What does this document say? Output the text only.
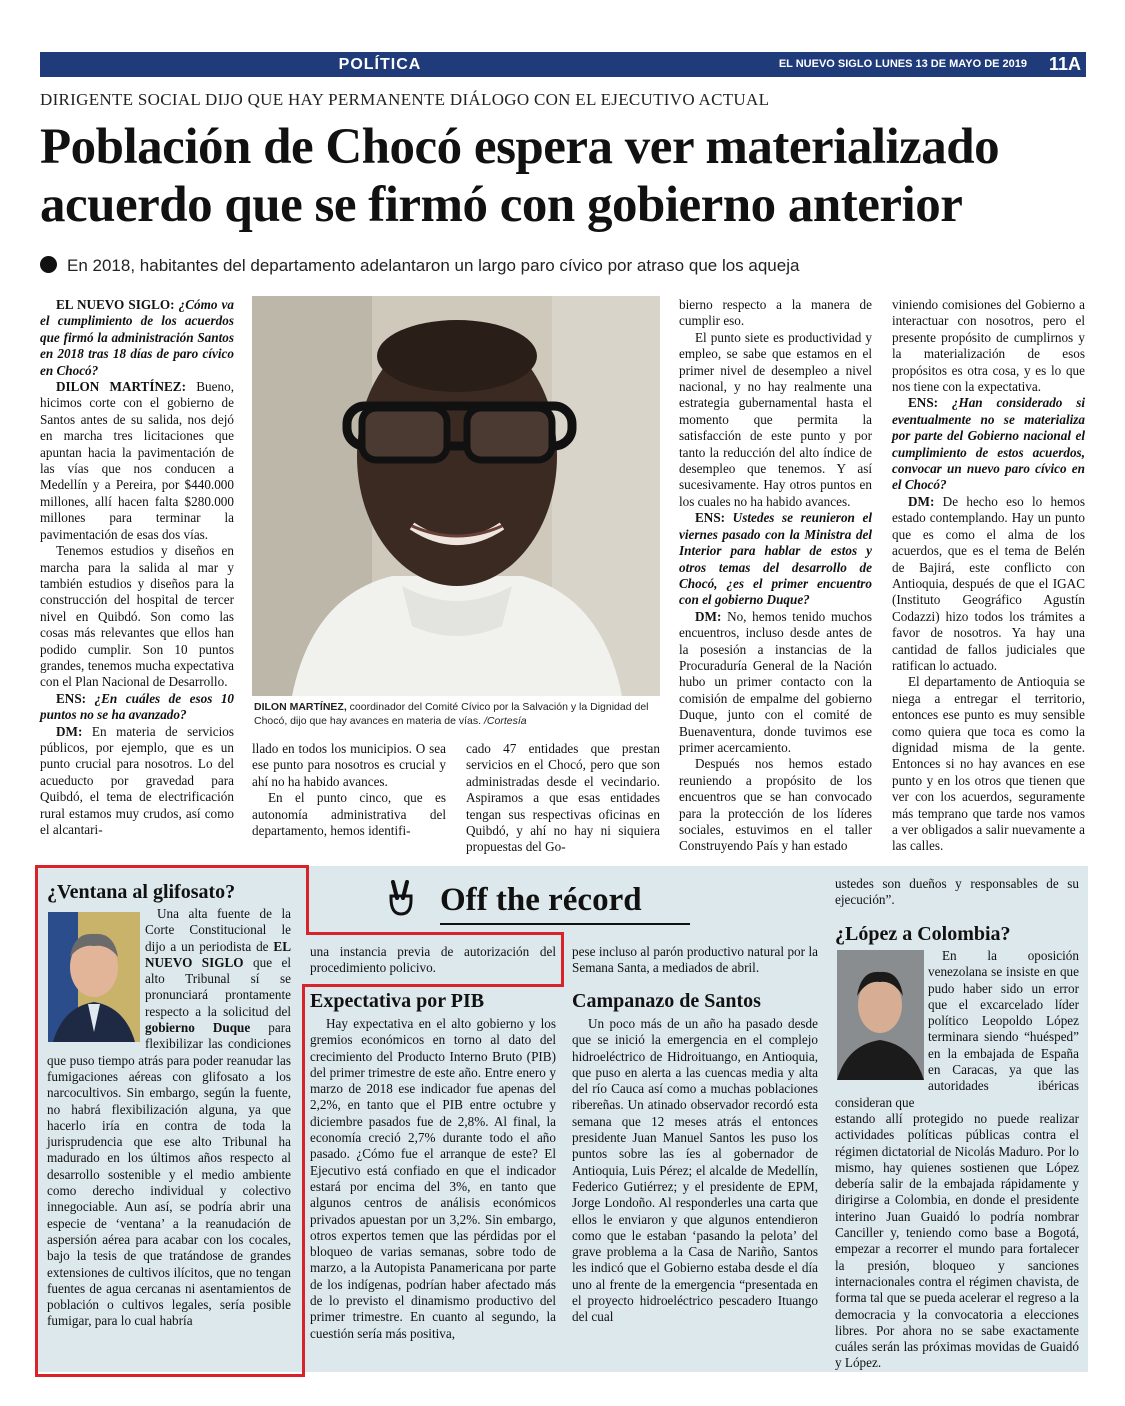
POLÍTICA	EL NUEVO SIGLO LUNES 13 DE MAYO DE 2019	11A
DIRIGENTE SOCIAL DIJO QUE HAY PERMANENTE DIÁLOGO CON EL EJECUTIVO ACTUAL
Población de Chocó espera ver materializado acuerdo que se firmó con gobierno anterior
En 2018, habitantes del departamento adelantaron un largo paro cívico por atraso que los aqueja

EL NUEVO SIGLO: ¿Cómo va el cumplimiento de los acuerdos que firmó la administración Santos en 2018 tras 18 días de paro cívico en Chocó?

DILON MARTÍNEZ: Bueno, hicimos corte con el gobierno de Santos antes de su salida, nos dejó en marcha tres licitaciones que apuntan hacia la pavimentación de las vías que nos conducen a Medellín y a Pereira, por $440.000 millones, allí hacen falta $280.000 millones para terminar la pavimentación de esas dos vías.

Tenemos estudios y diseños en marcha para la salida al mar y también estudios y diseños para la construcción del hospital de tercer nivel en Quibdó. Son como las cosas más relevantes que ellos han podido cumplir. Son 10 puntos grandes, tenemos mucha expectativa con el Plan Nacional de Desarrollo.

ENS: ¿En cuáles de esos 10 puntos no se ha avanzado?

DM: En materia de servicios públicos, por ejemplo, que es un punto crucial para nosotros. Lo del acueducto por gravedad para Quibdó, el tema de electrificación rural estamos muy crudos, así como el alcantari-

DILON MARTÍNEZ, coordinador del Comité Cívico por la Salvación y la Dignidad del Chocó, dijo que hay avances en materia de vías. /Cortesía

llado en todos los municipios. O sea ese punto para nosotros es crucial y ahí no ha habido avances.

En el punto cinco, que es autonomía administrativa del departamento, hemos identifi-

cado 47 entidades que prestan servicios en el Chocó, pero que son administradas desde el vecindario. Aspiramos a que esas entidades tengan sus respectivas oficinas en Quibdó, y ahí no hay ni siquiera propuestas del Go-

bierno respecto a la manera de cumplir eso.

El punto siete es productividad y empleo, se sabe que estamos en el primer nivel de desempleo a nivel nacional, y no hay realmente una estrategia gubernamental hasta el momento que permita la satisfacción de este punto y por tanto la reducción del alto índice de desempleo que tenemos. Y así sucesivamente. Hay otros puntos en los cuales no ha habido avances.

ENS: Ustedes se reunieron el viernes pasado con la Ministra del Interior para hablar de estos y otros temas del desarrollo de Chocó, ¿es el primer encuentro con el gobierno Duque?

DM: No, hemos tenido muchos encuentros, incluso desde antes de la posesión a instancias de la Procuraduría General de la Nación hubo un primer contacto con la comisión de empalme del gobierno Duque, junto con el comité de Buenaventura, donde tuvimos ese primer acercamiento.

Después nos hemos estado reuniendo a propósito de los encuentros que se han convocado para la protección de los líderes sociales, estuvimos en el taller Construyendo País y han estado

viniendo comisiones del Gobierno a interactuar con nosotros, pero el presente propósito de cumplirnos y la materialización de esos propósitos es otra cosa, y es lo que nos tiene con la expectativa.

ENS: ¿Han considerado si eventualmente no se materializa por parte del Gobierno nacional el cumplimiento de estos acuerdos, convocar un nuevo paro cívico en el Chocó?

DM: De hecho eso lo hemos estado contemplando. Hay un punto que es como el alma de los acuerdos, que es el tema de Belén de Bajirá, este conflicto con Antioquia, después de que el IGAC (Instituto Geográfico Agustín Codazzi) hizo todos los trámites a favor de nosotros. Ya hay una cantidad de fallos judiciales que ratifican lo actuado.

El departamento de Antioquia se niega a entregar el territorio, entonces ese punto es muy sensible como quiera que toca es como la dignidad misma de la gente. Entonces si no hay avances en ese punto y en los otros que tienen que ver con los acuerdos, seguramente más temprano que tarde nos vamos a ver obligados a salir nuevamente a las calles.

Off the récord
¿Ventana al glifosato?

Una alta fuente de la Corte Constitucional le dijo a un periodista de EL NUEVO SIGLO que el alto Tribunal sí se pronunciará prontamente respecto a la solicitud del gobierno Duque para flexibilizar las condiciones que puso tiempo atrás para poder reanudar las fumigaciones aéreas con glifosato a los narcocultivos. Sin embargo, según la fuente, no habrá flexibilización alguna, ya que hacerlo iría en contra de toda la jurisprudencia que ese alto Tribunal ha madurado en los últimos años respecto al desarrollo sostenible y el medio ambiente como derecho individual y colectivo innegociable. Aun así, se podría abrir una especie de ‘ventana’ a la reanudación de aspersión aérea para acabar con los cocales, bajo la tesis de que tratándose de grandes extensiones de cultivos ilícitos, que no tengan fuentes de agua cercanas ni asentamientos de población o cultivos legales, sería posible fumigar, para lo cual habría

una instancia previa de autorización del procedimiento policivo.

Expectativa por PIB

Hay expectativa en el alto gobierno y los gremios económicos en torno al dato del crecimiento del Producto Interno Bruto (PIB) del primer trimestre de este año. Entre enero y marzo de 2018 ese indicador fue apenas del 2,2%, en tanto que el PIB entre octubre y diciembre pasados fue de 2,8%. Al final, la economía creció 2,7% durante todo el año pasado. ¿Cómo fue el arranque de este? El Ejecutivo está confiado en que el indicador estará por encima del 3%, en tanto que algunos centros de análisis económicos privados apuestan por un 3,2%. Sin embargo, otros expertos temen que las pérdidas por el bloqueo de varias semanas, sobre todo de marzo, a la Autopista Panamericana por parte de los indígenas, podrían haber afectado más de lo previsto el dinamismo productivo del primer trimestre. En cuanto al segundo, la cuestión sería más positiva,

pese incluso al parón productivo natural por la Semana Santa, a mediados de abril.

Campanazo de Santos

Un poco más de un año ha pasado desde que se inició la emergencia en el complejo hidroeléctrico de Hidroituango, en Antioquia, que puso en alerta a las cuencas media y alta del río Cauca así como a muchas poblaciones ribereñas. Un atinado observador recordó esta semana que 12 meses atrás el entonces presidente Juan Manuel Santos les puso los puntos sobre las íes al gobernador de Antioquia, Luis Pérez; el alcalde de Medellín, Federico Gutiérrez; y el presidente de EPM, Jorge Londoño. Al responderles una carta que ellos le enviaron y que algunos entendieron como que le estaban ‘pasando la pelota’ del grave problema a la Casa de Nariño, Santos les indicó que el Gobierno estaba desde el día uno al frente de la emergencia “presentada en el proyecto hidroeléctrico pescadero Ituango del cual

ustedes son dueños y responsables de su ejecución”.

¿López a Colombia?

En la oposición venezolana se insiste en que pudo haber sido un error que el excarcelado líder político Leopoldo López terminara siendo “huésped” en la embajada de España en Caracas, ya que las autoridades ibéricas consideran que

estando allí protegido no puede realizar actividades políticas públicas contra el régimen dictatorial de Nicolás Maduro. Por lo mismo, hay quienes sostienen que López debería salir de la embajada rápidamente y dirigirse a Colombia, en donde el presidente interino Juan Guaidó lo podría nombrar Canciller y, teniendo como base a Bogotá, empezar a recorrer el mundo para fortalecer la presión, bloqueo y sanciones internacionales contra el régimen chavista, de forma tal que se pueda acelerar el regreso a la democracia y la convocatoria a elecciones libres. Por ahora no se sabe exactamente cuáles serán las próximas movidas de Guaidó y López.
